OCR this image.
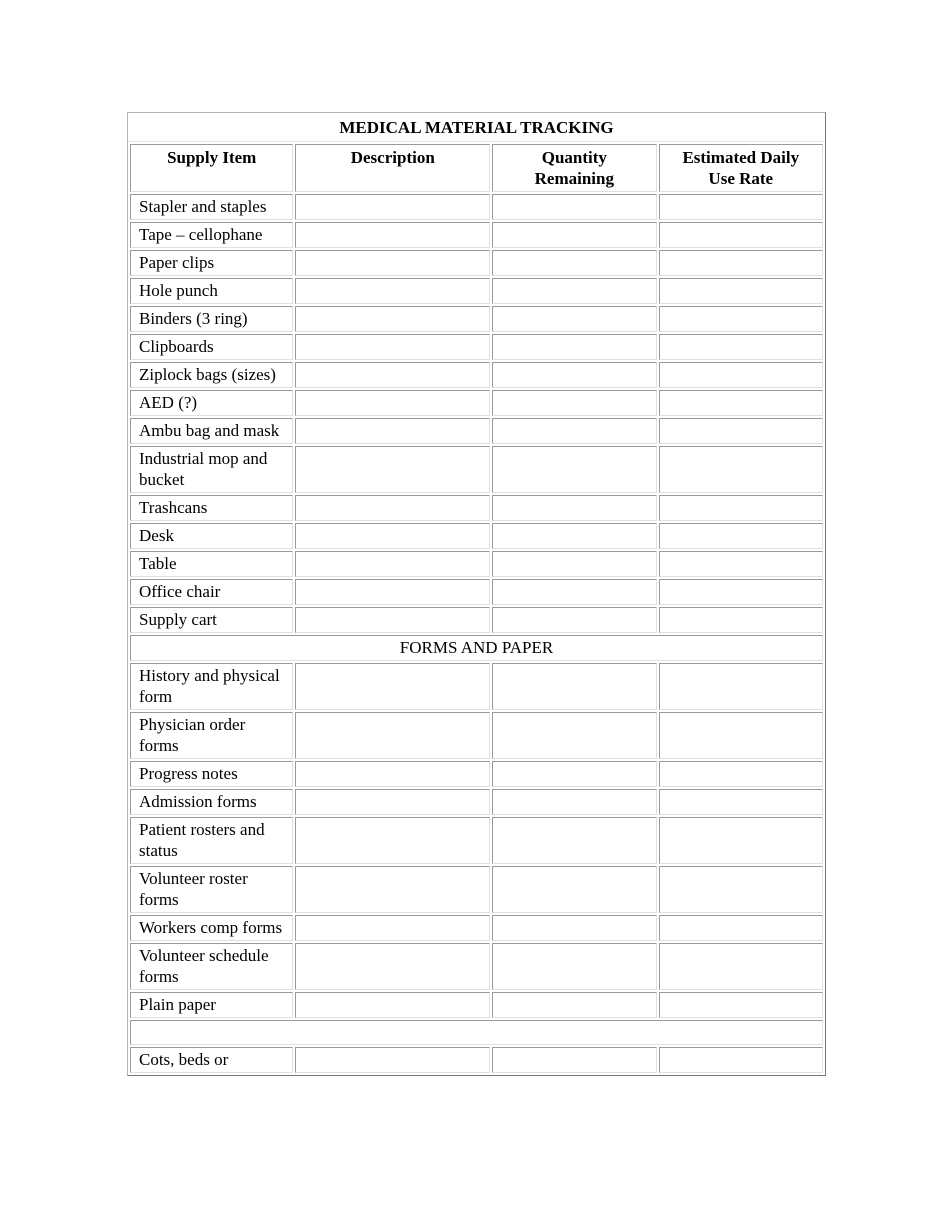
MEDICAL MATERIAL TRACKING
Supply Item	Description	Quantity Remaining	Estimated Daily Use Rate
Stapler and staples			
Tape – cellophane			
Paper clips			
Hole punch			
Binders (3 ring)			
Clipboards			
Ziplock bags (sizes)			
AED (?)			
Ambu bag and mask			
Industrial mop and bucket			
Trashcans			
Desk			
Table			
Office chair			
Supply cart			
FORMS AND PAPER			
History and physical form			
Physician order forms			
Progress notes			
Admission forms			
Patient rosters and status			
Volunteer roster forms			
Workers comp forms			
Volunteer schedule forms			
Plain paper			

Cots, beds or			
